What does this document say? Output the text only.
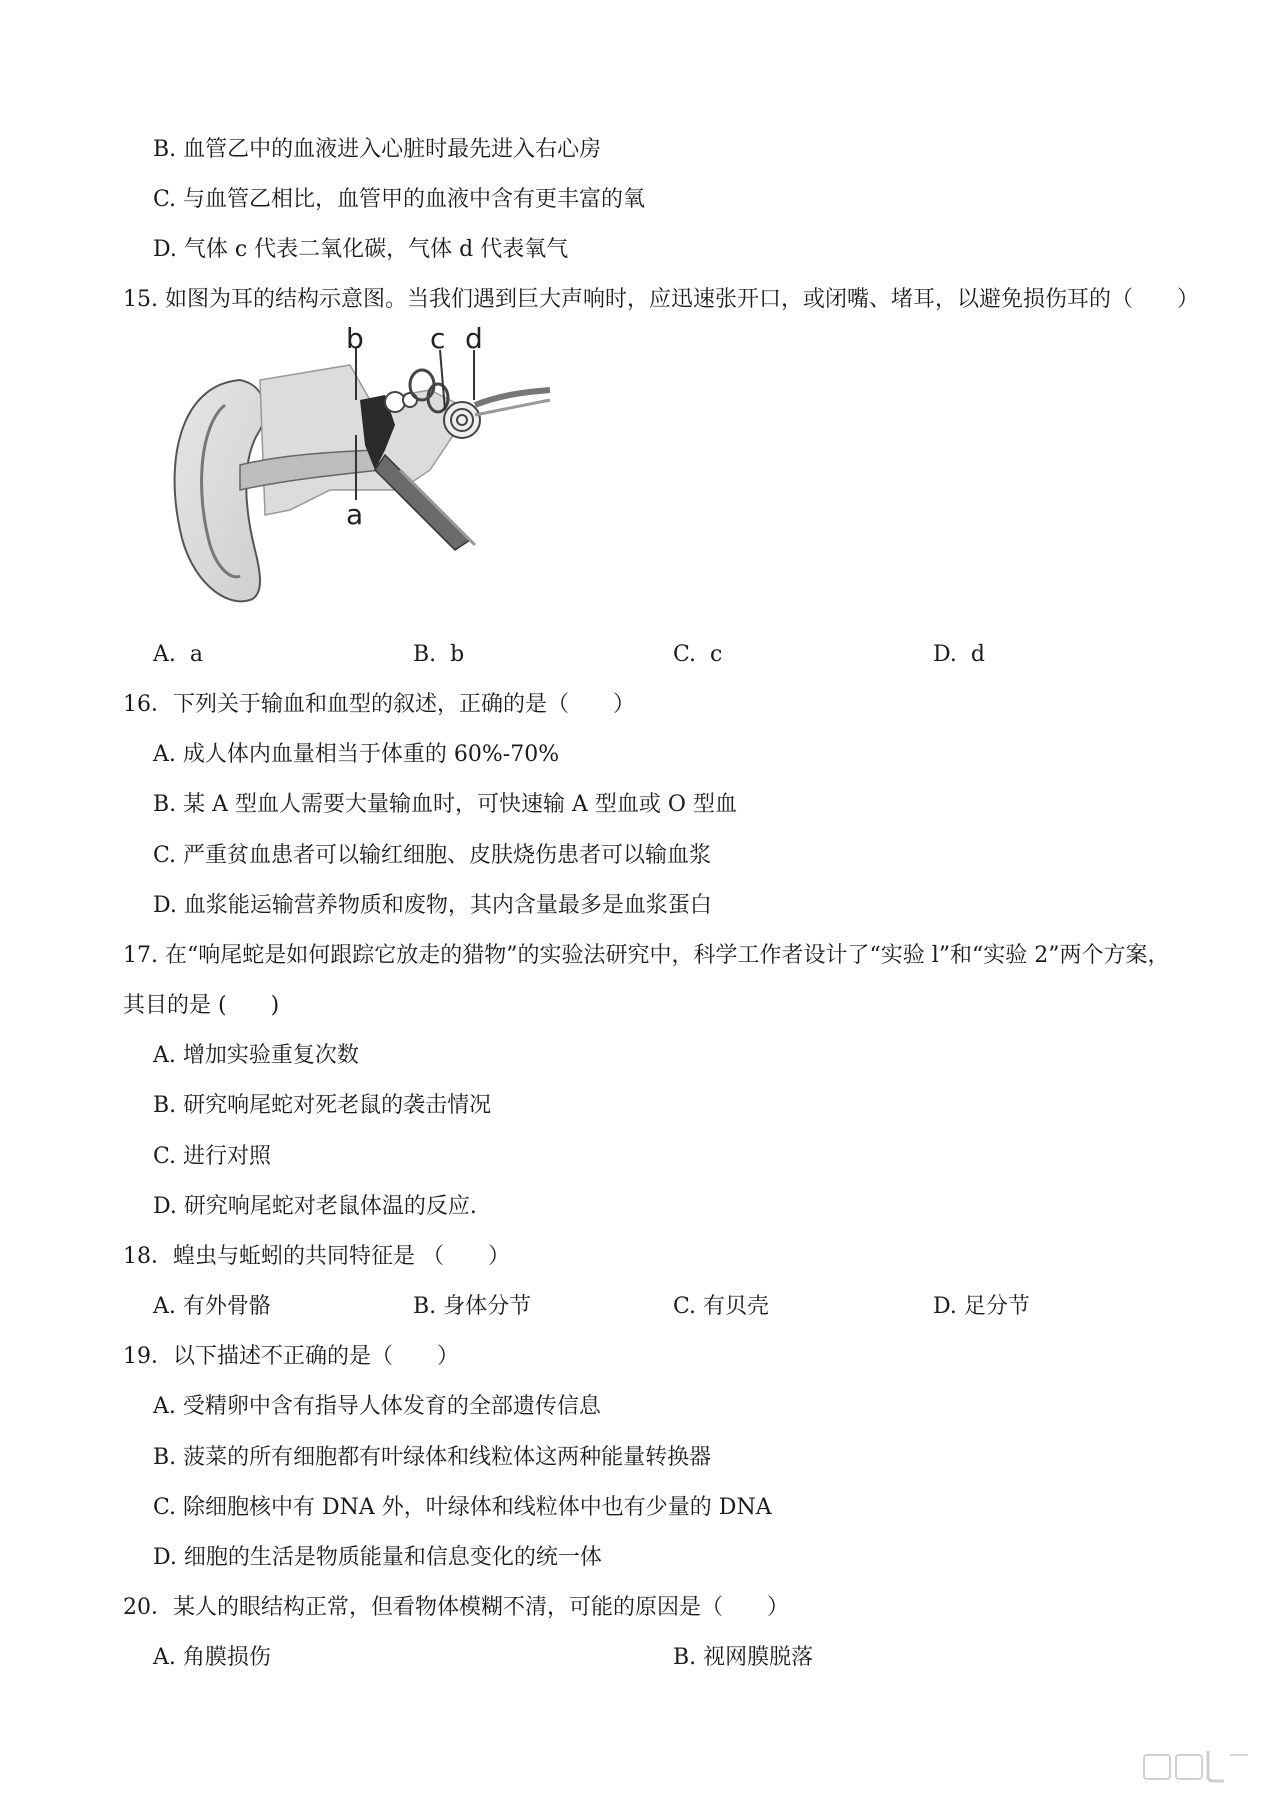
B. 血管乙中的血液进入心脏时最先进入右心房
C. 与血管乙相比，血管甲的血液中含有更丰富的氧
D. 气体 c 代表二氧化碳，气体 d 代表氧气
15. 如图为耳的结构示意图。当我们遇到巨大声响时，应迅速张开口，或闭嘴、堵耳，以避免损伤耳的（　　）
b c d
a
A. a	B. b	C. c	D. d
16．下列关于输血和血型的叙述，正确的是（　　）
A. 成人体内血量相当于体重的 60%-70%
B. 某 A 型血人需要大量输血时，可快速输 A 型血或 O 型血
C. 严重贫血患者可以输红细胞、皮肤烧伤患者可以输血浆
D. 血浆能运输营养物质和废物，其内含量最多是血浆蛋白
17. 在“响尾蛇是如何跟踪它放走的猎物”的实验法研究中，科学工作者设计了“实验 l”和“实验 2”两个方案，
其目的是 (　　)
A. 增加实验重复次数
B. 研究响尾蛇对死老鼠的袭击情况
C. 进行对照
D. 研究响尾蛇对老鼠体温的反应.
18．蝗虫与蚯蚓的共同特征是 （　　）
A. 有外骨骼	B. 身体分节	C. 有贝壳	D. 足分节
19．以下描述不正确的是（　　）
A. 受精卵中含有指导人体发育的全部遗传信息
B. 菠菜的所有细胞都有叶绿体和线粒体这两种能量转换器
C. 除细胞核中有 DNA 外，叶绿体和线粒体中也有少量的 DNA
D. 细胞的生活是物质能量和信息变化的统一体
20．某人的眼结构正常，但看物体模糊不清，可能的原因是（　　）
A. 角膜损伤	B. 视网膜脱落
